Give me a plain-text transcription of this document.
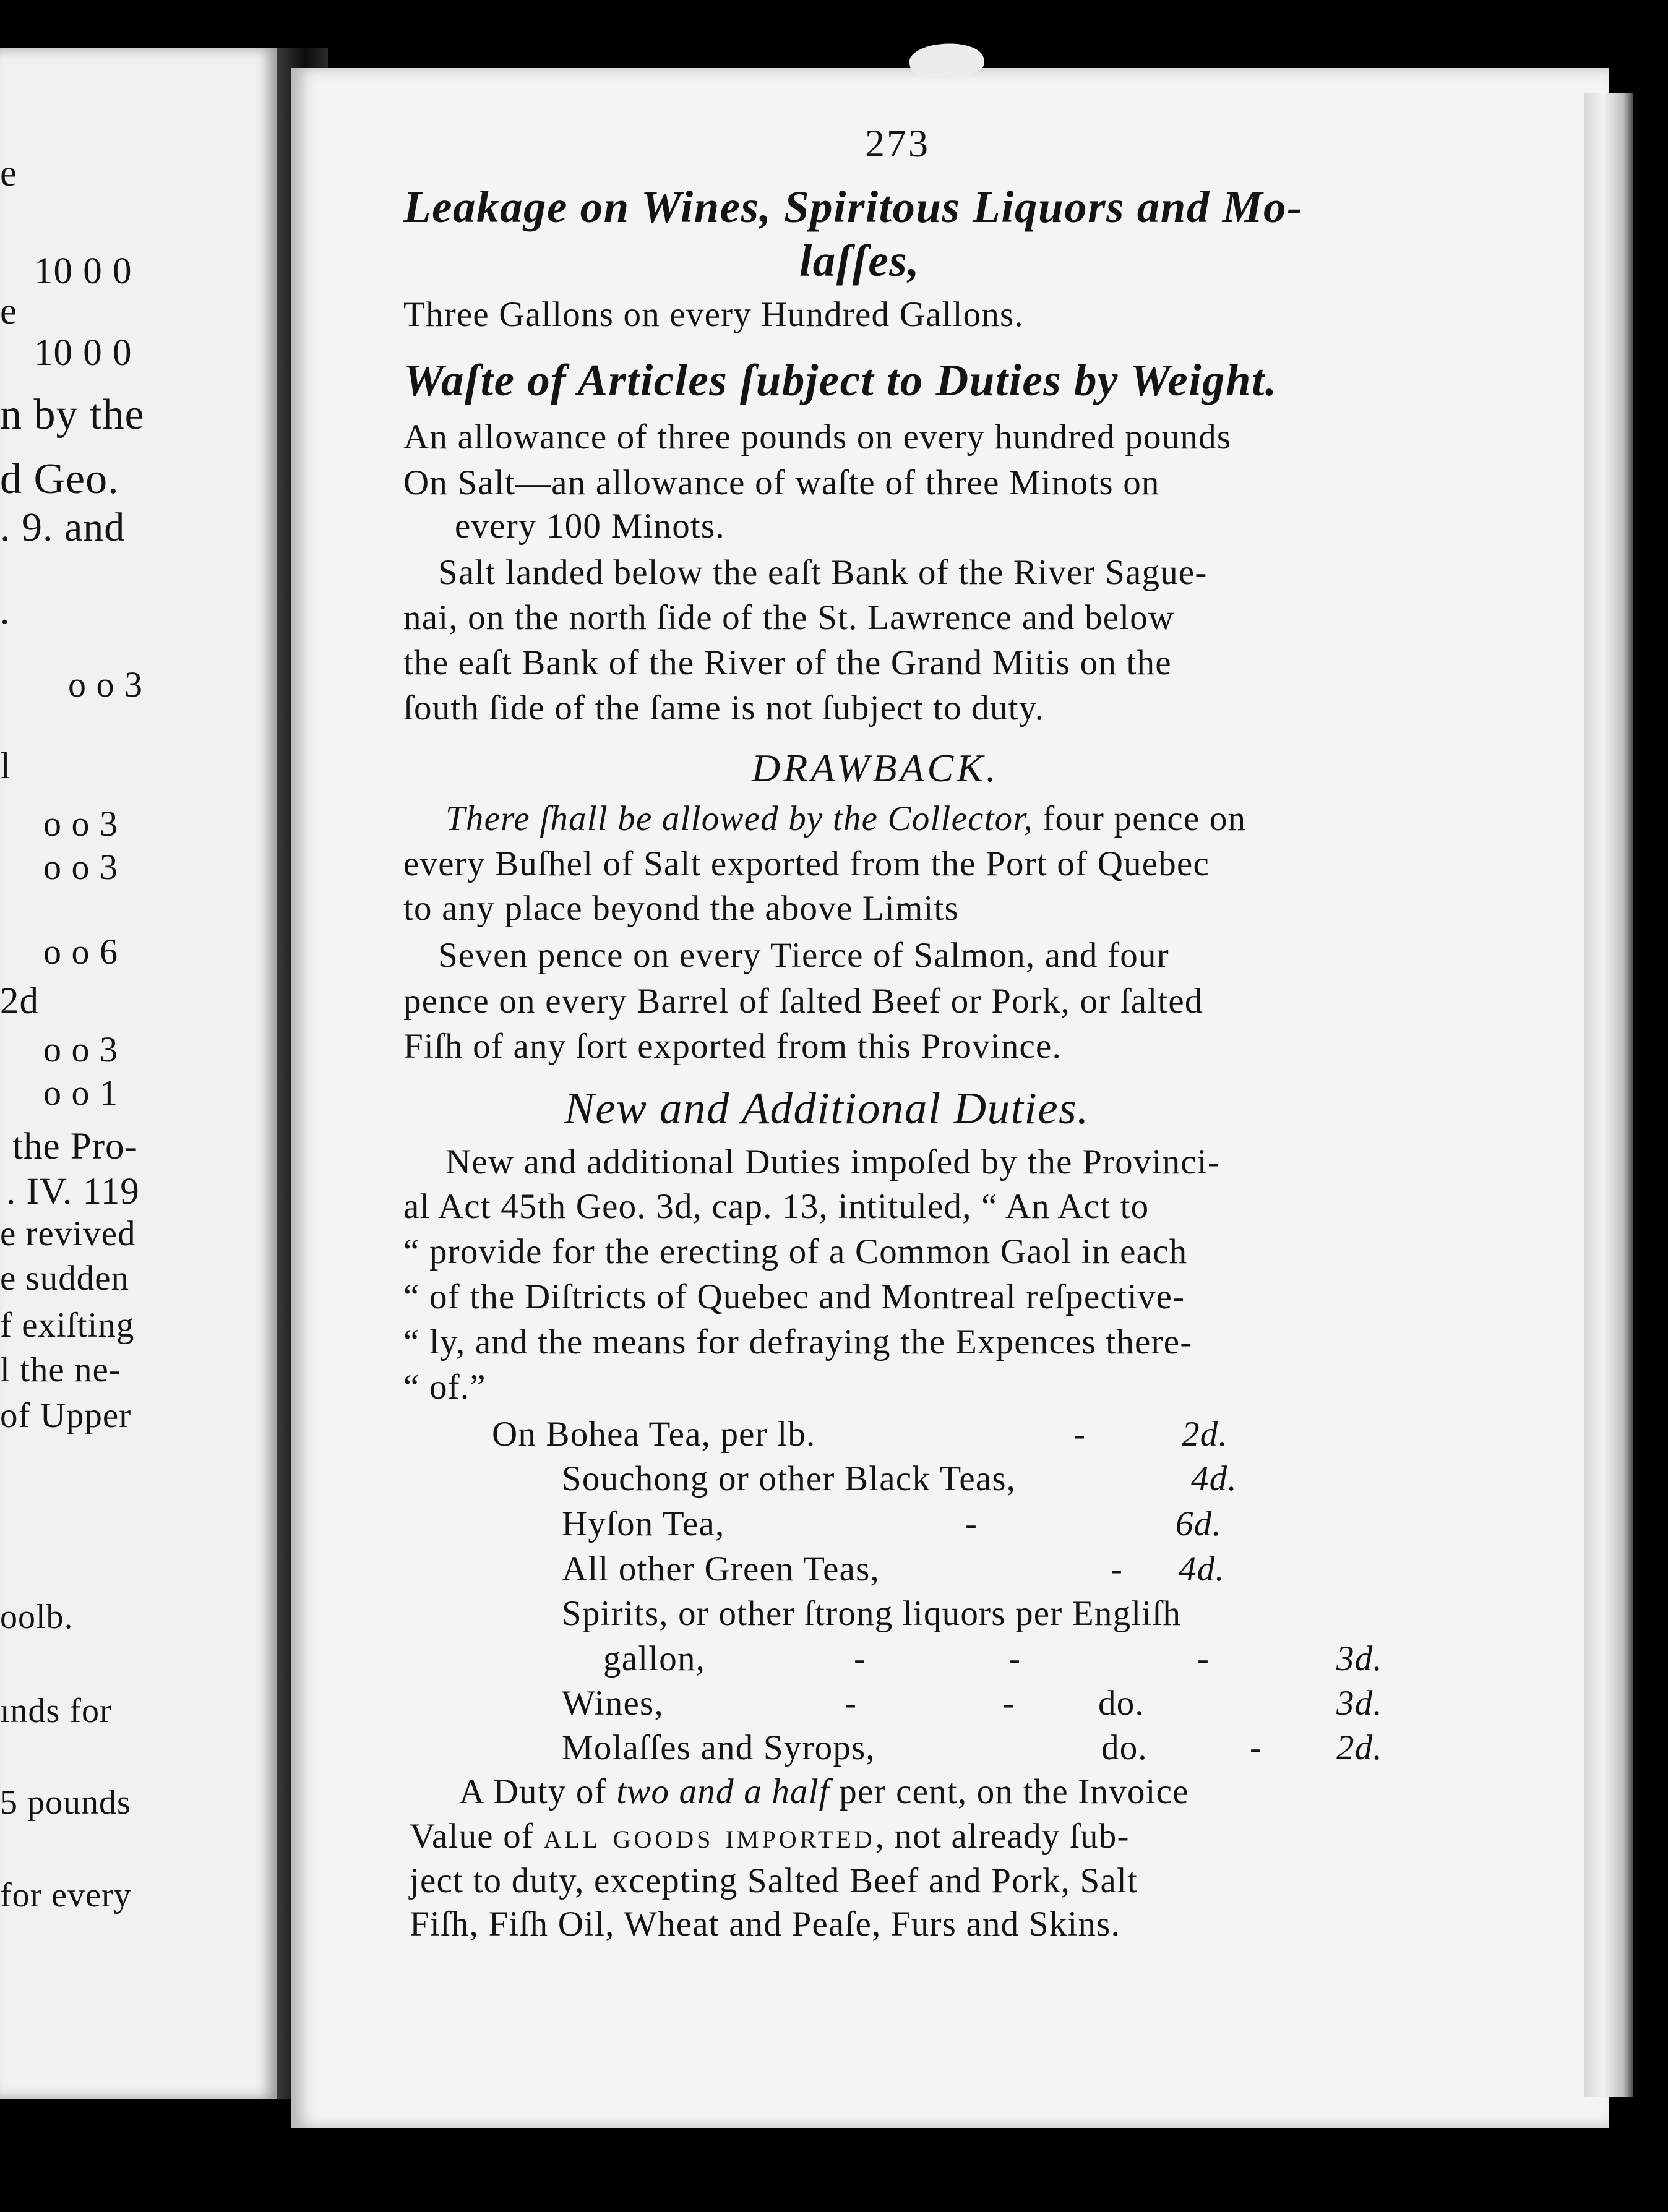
e
10 0 0
e
10 0 0
n by the
d Geo.
. 9. and
.
o o 3
l
o o 3
o o 3
o o 6
2d
o o 3
o o 1
the Pro-
. IV. 119
e revived
e sudden
f exiſting
l the ne-
of Upper
oolb.
ınds for
5 pounds
for every
273
Leakage on Wines, Spiritous Liquors and Mo-
laſſes,
Three Gallons on every Hundred Gallons.
Waſte of Articles ſubject to Duties by Weight.
An allowance of three pounds on every hundred pounds
On Salt—an allowance of waſte of three Minots on
every 100 Minots.
Salt landed below the eaſt Bank of the River Sague-
nai, on the north ſide of the St. Lawrence and below
the eaſt Bank of the River of the Grand Mitis on the
ſouth ſide of the ſame is not ſubject to duty.
DRAWBACK.
There ſhall be allowed by the Collector, four pence on
every Buſhel of Salt exported from the Port of Quebec
to any place beyond the above Limits
Seven pence on every Tierce of Salmon, and four
pence on every Barrel of ſalted Beef or Pork, or ſalted
Fiſh of any ſort exported from this Province.
New and Additional Duties.
New and additional Duties impoſed by the Provinci-
al Act 45th Geo. 3d, cap. 13, intituled, “ An Act to
“ provide for the erecting of a Common Gaol in each
“ of the Diſtricts of Quebec and Montreal reſpective-
“ ly, and the means for defraying the Expences there-
“ of.”
On Bohea Tea, per lb.	-	2d.
Souchong or other Black Teas,	4d.
Hyſon Tea,	-	6d.
All other Green Teas,	- 4d.
Spirits, or other ſtrong liquors per Engliſh
gallon,	-	-	-	3d.
Wines,	-	- do.	3d.
Molaſſes and Syrops,	do.	- 2d.
A Duty of two and a half per cent, on the Invoice
Value of all goods imported, not already ſub-
ject to duty, excepting Salted Beef and Pork, Salt
Fiſh, Fiſh Oil, Wheat and Peaſe, Furs and Skins.
